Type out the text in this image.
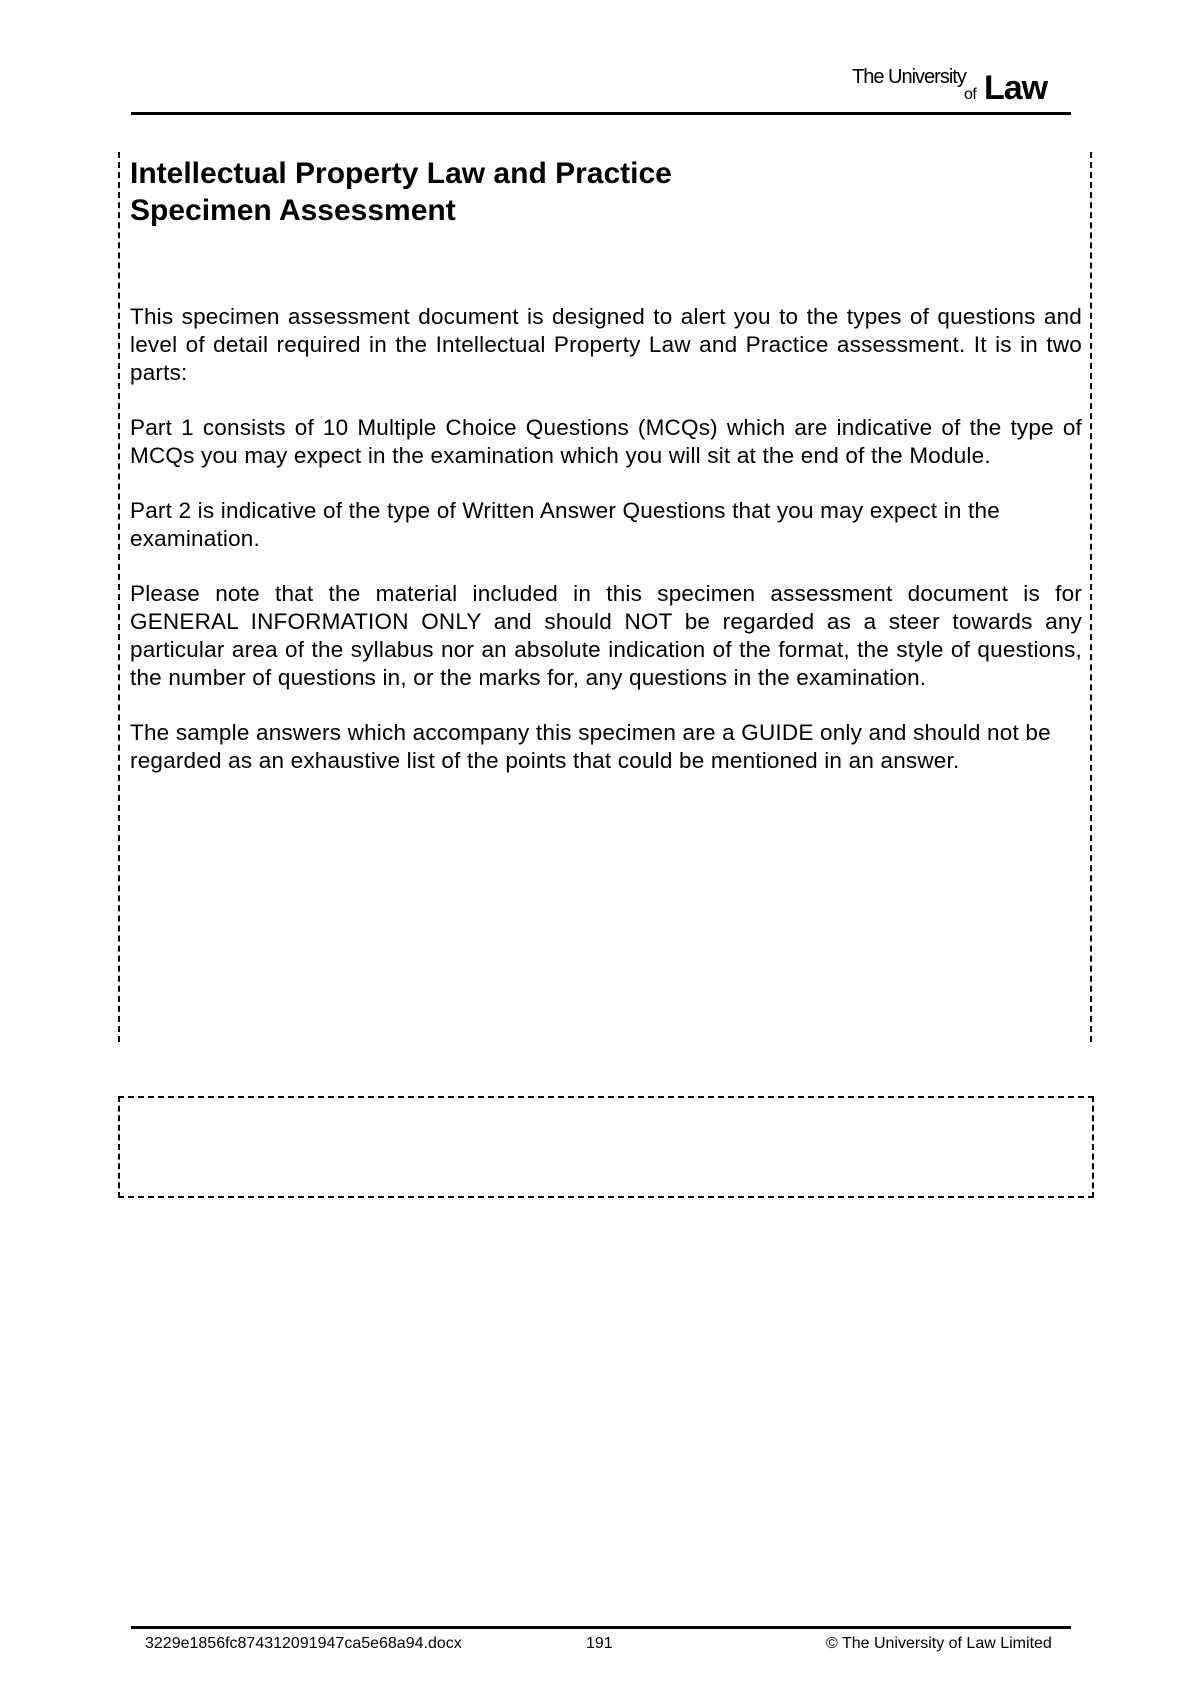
The University
of Law
Intellectual Property Law and Practice
Specimen Assessment

This specimen assessment document is designed to alert you to the types of questions and level of detail required in the Intellectual Property Law and Practice assessment. It is in two parts:

Part 1 consists of 10 Multiple Choice Questions (MCQs) which are indicative of the type of MCQs you may expect in the examination which you will sit at the end of the Module.

Part 2 is indicative of the type of Written Answer Questions that you may expect in the examination.

Please note that the material included in this specimen assessment document is for GENERAL INFORMATION ONLY and should NOT be regarded as a steer towards any particular area of the syllabus nor an absolute indication of the format, the style of questions, the number of questions in, or the marks for, any questions in the examination.

The sample answers which accompany this specimen are a GUIDE only and should not be regarded as an exhaustive list of the points that could be mentioned in an answer.

3229e1856fc874312091947ca5e68a94.docx	191	© The University of Law Limited
